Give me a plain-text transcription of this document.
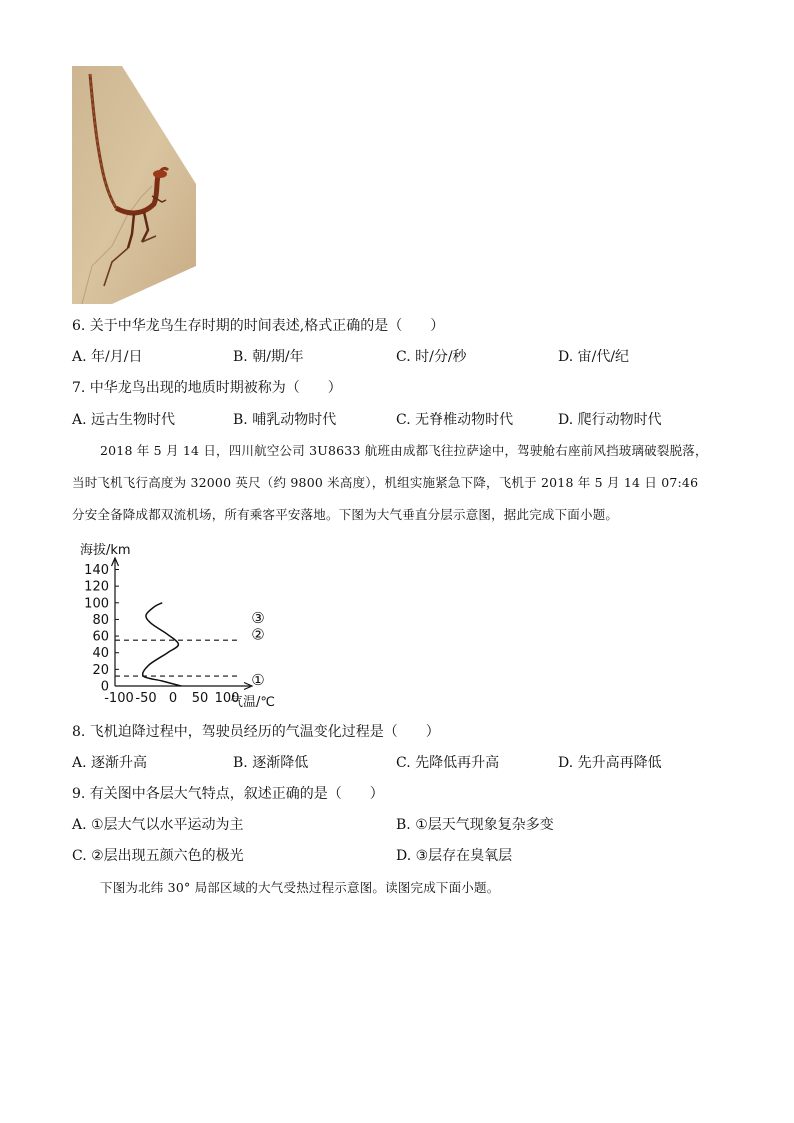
6. 关于中华龙鸟生存时期的时间表述,格式正确的是（　　）
A. 年/月/日	B. 朝/期/年	C. 时/分/秒	D. 宙/代/纪
7. 中华龙鸟出现的地质时期被称为（　　）
A. 远古生物时代	B. 哺乳动物时代	C. 无脊椎动物时代	D. 爬行动物时代
2018 年 5 月 14 日，四川航空公司 3U8633 航班由成都飞往拉萨途中，驾驶舱右座前风挡玻璃破裂脱落，
当时飞机飞行高度为 32000 英尺（约 9800 米高度），机组实施紧急下降，飞机于 2018 年 5 月 14 日 07:46
分安全备降成都双流机场，所有乘客平安落地。下图为大气垂直分层示意图，据此完成下面小题。
海拔/km
气温/℃
140
120
100
80
60
40
20
0
-100 -50 0 50 100
③
②
①
8. 飞机迫降过程中，驾驶员经历的气温变化过程是（　　）
A. 逐渐升高	B. 逐渐降低	C. 先降低再升高	D. 先升高再降低
9. 有关图中各层大气特点，叙述正确的是（　　）
A. ①层大气以水平运动为主	B. ①层天气现象复杂多变
C. ②层出现五颜六色的极光	D. ③层存在臭氧层
下图为北纬 30° 局部区域的大气受热过程示意图。读图完成下面小题。
